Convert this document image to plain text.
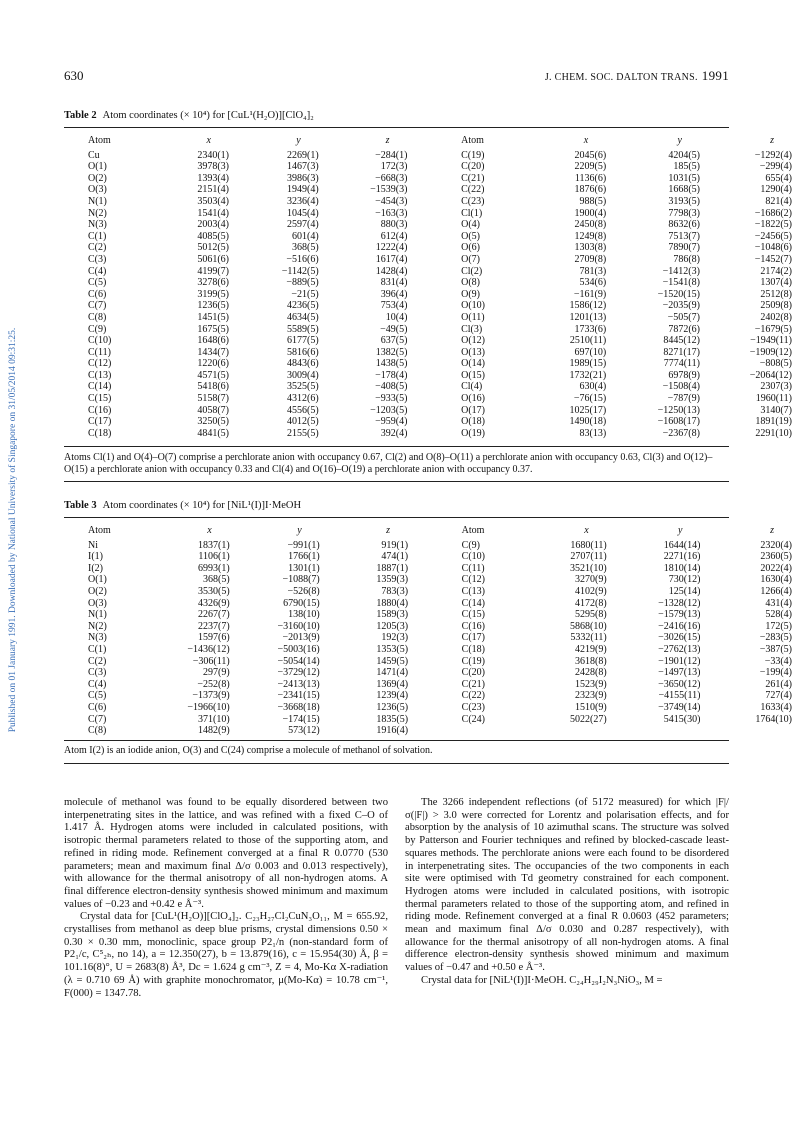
Published on 01 January 1991. Downloaded by National University of Singapore on 31/05/2014 09:31:25.
630	J. CHEM. SOC. DALTON TRANS. 1991
Table 2 Atom coordinates (× 10⁴) for [CuL¹(H₂O)][ClO₄]₂
Atom	x	y	z		Atom	x	y	z
Cu	2340(1)	2269(1)	−284(1)		C(19)	2045(6)	4204(5)	−1292(4)
O(1)	3978(3)	1467(3)	172(3)		C(20)	2209(5)	185(5)	−299(4)
O(2)	1393(4)	3986(3)	−668(3)		C(21)	1136(6)	1031(5)	655(4)
O(3)	2151(4)	1949(4)	−1539(3)		C(22)	1876(6)	1668(5)	1290(4)
N(1)	3503(4)	3236(4)	−454(3)		C(23)	988(5)	3193(5)	821(4)
N(2)	1541(4)	1045(4)	−163(3)		Cl(1)	1900(4)	7798(3)	−1686(2)
N(3)	2003(4)	2597(4)	880(3)		O(4)	2450(8)	8632(6)	−1822(5)
C(1)	4085(5)	601(4)	612(4)		O(5)	1249(8)	7513(7)	−2456(5)
C(2)	5012(5)	368(5)	1222(4)		O(6)	1303(8)	7890(7)	−1048(6)
C(3)	5061(6)	−516(6)	1617(4)		O(7)	2709(8)	786(8)	−1452(7)
C(4)	4199(7)	−1142(5)	1428(4)		Cl(2)	781(3)	−1412(3)	2174(2)
C(5)	3278(6)	−889(5)	831(4)		O(8)	534(6)	−1541(8)	1307(4)
C(6)	3199(5)	−21(5)	396(4)		O(9)	−161(9)	−1520(15)	2512(8)
C(7)	1236(5)	4236(5)	753(4)		O(10)	1586(12)	−2035(9)	2509(8)
C(8)	1451(5)	4634(5)	10(4)		O(11)	1201(13)	−505(7)	2402(8)
C(9)	1675(5)	5589(5)	−49(5)		Cl(3)	1733(6)	7872(6)	−1679(5)
C(10)	1648(6)	6177(5)	637(5)		O(12)	2510(11)	8445(12)	−1949(11)
C(11)	1434(7)	5816(6)	1382(5)		O(13)	697(10)	8271(17)	−1909(12)
C(12)	1220(6)	4843(6)	1438(5)		O(14)	1989(15)	7774(11)	−808(5)
C(13)	4571(5)	3009(4)	−178(4)		O(15)	1732(21)	6978(9)	−2064(12)
C(14)	5418(6)	3525(5)	−408(5)		Cl(4)	630(4)	−1508(4)	2307(3)
C(15)	5158(7)	4312(6)	−933(5)		O(16)	−76(15)	−787(9)	1960(11)
C(16)	4058(7)	4556(5)	−1203(5)		O(17)	1025(17)	−1250(13)	3140(7)
C(17)	3250(5)	4012(5)	−959(4)		O(18)	1490(18)	−1608(17)	1891(19)
C(18)	4841(5)	2155(5)	392(4)		O(19)	83(13)	−2367(8)	2291(10)
Atoms Cl(1) and O(4)–O(7) comprise a perchlorate anion with occupancy 0.67, Cl(2) and O(8)–O(11) a perchlorate anion with occupancy 0.63, Cl(3) and O(12)–O(15) a perchlorate anion with occupancy 0.33 and Cl(4) and O(16)–O(19) a perchlorate anion with occupancy 0.37.
Table 3 Atom coordinates (× 10⁴) for [NiL¹(I)]I·MeOH
Atom	x	y	z		Atom	x	y	z
Ni	1837(1)	−991(1)	919(1)		C(9)	1680(11)	1644(14)	2320(4)
I(1)	1106(1)	1766(1)	474(1)		C(10)	2707(11)	2271(16)	2360(5)
I(2)	6993(1)	1301(1)	1887(1)		C(11)	3521(10)	1810(14)	2022(4)
O(1)	368(5)	−1088(7)	1359(3)		C(12)	3270(9)	730(12)	1630(4)
O(2)	3530(5)	−526(8)	783(3)		C(13)	4102(9)	125(14)	1266(4)
O(3)	4326(9)	6790(15)	1880(4)		C(14)	4172(8)	−1328(12)	431(4)
N(1)	2267(7)	138(10)	1589(3)		C(15)	5295(8)	−1579(13)	528(4)
N(2)	2237(7)	−3160(10)	1205(3)		C(16)	5868(10)	−2416(16)	172(5)
N(3)	1597(6)	−2013(9)	192(3)		C(17)	5332(11)	−3026(15)	−283(5)
C(1)	−1436(12)	−5003(16)	1353(5)		C(18)	4219(9)	−2762(13)	−387(5)
C(2)	−306(11)	−5054(14)	1459(5)		C(19)	3618(8)	−1901(12)	−33(4)
C(3)	297(9)	−3729(12)	1471(4)		C(20)	2428(8)	−1497(13)	−199(4)
C(4)	−252(8)	−2413(13)	1369(4)		C(21)	1523(9)	−3650(12)	261(4)
C(5)	−1373(9)	−2341(15)	1239(4)		C(22)	2323(9)	−4155(11)	727(4)
C(6)	−1966(10)	−3668(18)	1236(5)		C(23)	1510(9)	−3749(14)	1633(4)
C(7)	371(10)	−174(15)	1835(5)		C(24)	5022(27)	5415(30)	1764(10)
C(8)	1482(9)	573(12)	1916(4)					
Atom I(2) is an iodide anion, O(3) and C(24) comprise a molecule of methanol of solvation.

molecule of methanol was found to be equally disordered between two interpenetrating sites in the lattice, and was refined with a fixed C–O of 1.417 Å. Hydrogen atoms were included in calculated positions, with isotropic thermal parameters related to those of the supporting atom, and refined in riding mode. Refinement converged at a final R 0.0770 (530 parameters; mean and maximum final Δ/σ 0.003 and 0.013 respectively), with allowance for the thermal anisotropy of all non-hydrogen atoms. A final difference electron-density synthesis showed minimum and maximum values of −0.23 and +0.42 e Å⁻³.

Crystal data for [CuL¹(H₂O)][ClO₄]₂. C₂₃H₂₇Cl₂CuN₃O₁₁, M = 655.92, crystallises from methanol as deep blue prisms, crystal dimensions 0.50 × 0.30 × 0.30 mm, monoclinic, space group P2₁/n (non-standard form of P2₁/c, C⁵₂ₕ, no 14), a = 12.350(27), b = 13.879(16), c = 15.954(30) Å, β = 101.16(8)°, U = 2683(8) Å³, Dc = 1.624 g cm⁻³, Z = 4, Mo-Kα X-radiation (λ = 0.710 69 Å) with graphite monochromator, μ(Mo-Kα) = 10.78 cm⁻¹, F(000) = 1347.78.

The 3266 independent reflections (of 5172 measured) for which |F|/σ(|F|) > 3.0 were corrected for Lorentz and polarisation effects, and for absorption by the analysis of 10 azimuthal scans. The structure was solved by Patterson and Fourier techniques and refined by blocked-cascade least-squares methods. The perchlorate anions were each found to be disordered in interpenetrating sites. The occupancies of the two components in each site were optimised with Td geometry constrained for each component. Hydrogen atoms were included in calculated positions, with isotropic thermal parameters related to those of the supporting atom, and refined in riding mode. Refinement converged at a final R 0.0603 (452 parameters; mean and maximum final Δ/σ 0.030 and 0.287 respectively), with allowance for the thermal anisotropy of all non-hydrogen atoms. A final difference electron-density synthesis showed minimum and maximum values of −0.47 and +0.50 e Å⁻³.

Crystal data for [NiL¹(I)]I·MeOH. C₂₄H₂₉I₂N₃NiO₃, M =
